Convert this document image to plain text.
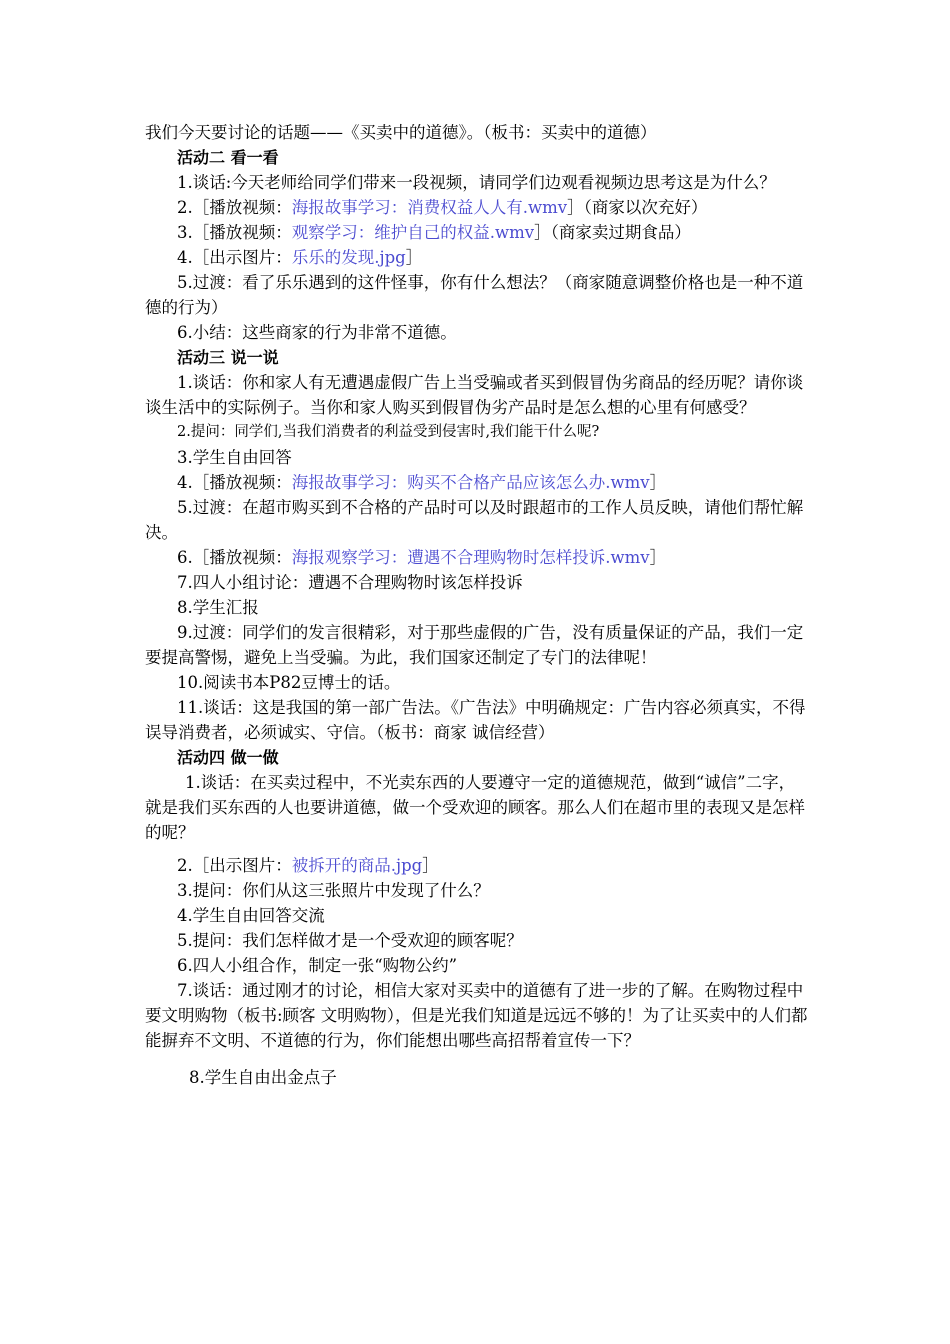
我们今天要讨论的话题——《买卖中的道德》。（板书：买卖中的道德）

活动二 看一看

1.谈话:今天老师给同学们带来一段视频，请同学们边观看视频边思考这是为什么？

2.［播放视频：海报故事学习：消费权益人人有.wmv］（商家以次充好）

3.［播放视频：观察学习：维护自己的权益.wmv］（商家卖过期食品）

4.［出示图片：乐乐的发现.jpg］

5.过渡：看了乐乐遇到的这件怪事，你有什么想法？（商家随意调整价格也是一种不道德的行为）

6.小结：这些商家的行为非常不道德。

活动三 说一说

1.谈话：你和家人有无遭遇虚假广告上当受骗或者买到假冒伪劣商品的经历呢？请你谈谈生活中的实际例子。当你和家人购买到假冒伪劣产品时是怎么想的心里有何感受？

2.提问：同学们,当我们消费者的利益受到侵害时,我们能干什么呢?

3.学生自由回答

4.［播放视频：海报故事学习：购买不合格产品应该怎么办.wmv］

5.过渡：在超市购买到不合格的产品时可以及时跟超市的工作人员反映，请他们帮忙解决。

6.［播放视频：海报观察学习：遭遇不合理购物时怎样投诉.wmv］

7.四人小组讨论：遭遇不合理购物时该怎样投诉

8.学生汇报

9.过渡：同学们的发言很精彩，对于那些虚假的广告，没有质量保证的产品，我们一定要提高警惕，避免上当受骗。为此，我们国家还制定了专门的法律呢！

10.阅读书本P82豆博士的话。

11.谈话：这是我国的第一部广告法。《广告法》中明确规定：广告内容必须真实，不得误导消费者，必须诚实、守信。（板书：商家 诚信经营）

活动四 做一做

1.谈话：在买卖过程中，不光卖东西的人要遵守一定的道德规范，做到“诚信”二字，就是我们买东西的人也要讲道德，做一个受欢迎的顾客。那么人们在超市里的表现又是怎样的呢？

2.［出示图片：被拆开的商品.jpg］

3.提问：你们从这三张照片中发现了什么？

4.学生自由回答交流

5.提问：我们怎样做才是一个受欢迎的顾客呢？

6.四人小组合作，制定一张“购物公约”

7.谈话：通过刚才的讨论，相信大家对买卖中的道德有了进一步的了解。在购物过程中要文明购物（板书:顾客 文明购物），但是光我们知道是远远不够的！为了让买卖中的人们都能摒弃不文明、不道德的行为，你们能想出哪些高招帮着宣传一下？

8.学生自由出金点子
